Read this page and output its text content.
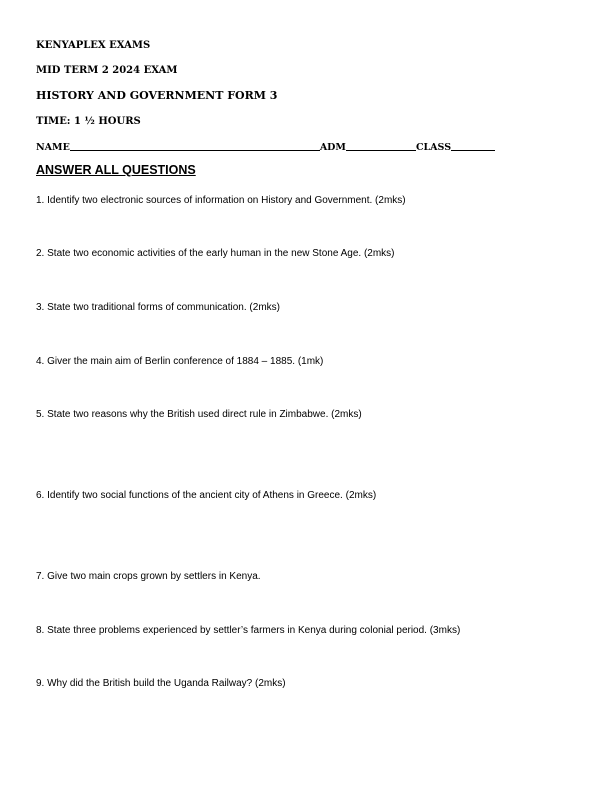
KENYAPLEX EXAMS
MID TERM 2 2024 EXAM
HISTORY AND GOVERNMENT FORM 3
TIME: 1 ½ HOURS
NAME	ADM	CLASS
ANSWER ALL QUESTIONS
1. Identify two electronic sources of information on History and Government. (2mks)
2. State two economic activities of the early human in the new Stone Age. (2mks)
3. State two traditional forms of communication. (2mks)
4. Giver the main aim of Berlin conference of 1884 – 1885. (1mk)
5. State two reasons why the British used direct rule in Zimbabwe. (2mks)
6. Identify two social functions of the ancient city of Athens in Greece. (2mks)
7. Give two main crops grown by settlers in Kenya.
8. State three problems experienced by settler’s farmers in Kenya during colonial period. (3mks)
9. Why did the British build the Uganda Railway? (2mks)
